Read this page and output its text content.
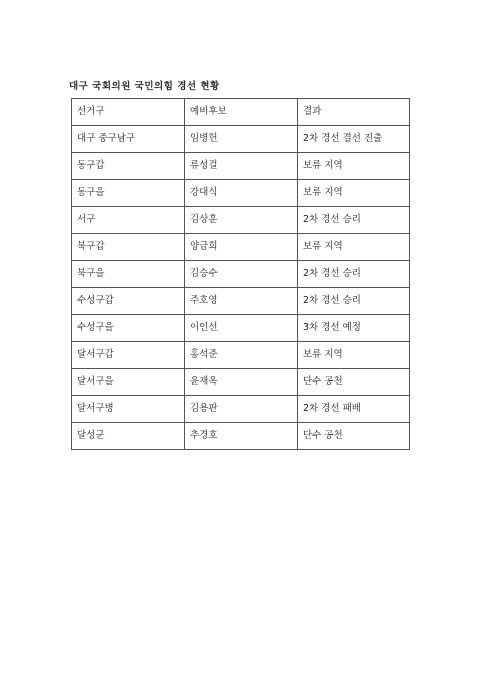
대구 국회의원 국민의힘 경선 현황
선거구	예비후보	결과
대구 중구남구	임병헌	2차 경선 결선 진출
동구갑	류성걸	보류 지역
동구을	강대식	보류 지역
서구	김상훈	2차 경선 승리
북구갑	양금희	보류 지역
북구을	김승수	2차 경선 승리
수성구갑	주호영	2차 경선 승리
수성구을	이인선	3차 경선 예정
달서구갑	홍석준	보류 지역
달서구을	윤재옥	단수 공천
달서구병	김용판	2차 경선 패배
달성군	추경호	단수 공천
